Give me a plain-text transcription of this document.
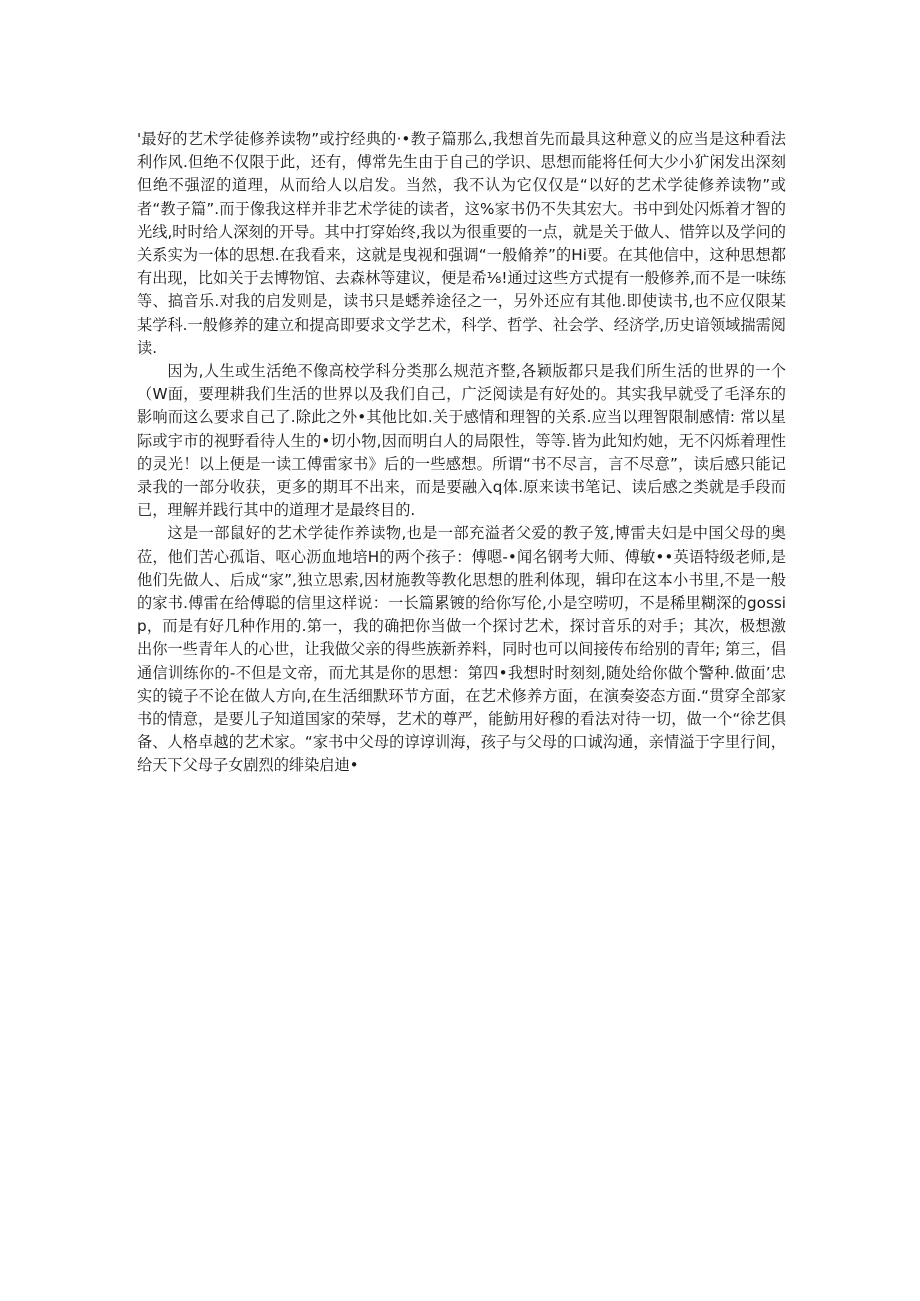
'最好的艺术学徒修养读物”或拧经典的·•教子篇那么,我想首先而最具这种意义的应当是这种看法利作风.但绝不仅限于此，还有，傅常先生由于自己的学识、思想而能将任何大少小犷闲发出深刻但绝不强涩的道理，从而给人以启发。当然，我不认为它仅仅是“以好的艺术学徒修养读物”或者“教子篇”.而于像我这样并非艺术学徒的读者，这%家书仍不失其宏大。书中到处闪烁着才智的光线,时时给人深刻的开导。其中打穿始终,我以为很重要的一点，就是关于做人、惜笄以及学问的关系实为一体的思想.在我看来，这就是曳视和强调“一般脩养”的Hi要。在其他信中，这种思想都有出现，比如关于去博物馆、去森林等建议，便是希⅛!通过这些方式提有一般修养,而不是一味练等、搞音乐.对我的启发则是，读书只是蟋养途径之一，另外还应有其他.即使读书,也不应仅限某某学科.一般修养的建立和提高即要求文学艺术，科学、哲学、社会学、经济学,历史谙领域揣需阅读.

因为,人生或生活绝不像高校学科分类那么规范齐整,各颖版都只是我们所生活的世界的一个（W面，要理耕我们生活的世界以及我们自己，广泛阅读是有好处的。其实我早就受了毛泽东的影响而这么要求自己了.除此之外•其他比如.关于感情和理智的关系.应当以理智限制感情: 常以星际或宇市的视野看待人生的•切小物,因而明白人的局限性，等等.皆为此知灼她，无不闪烁着理性的灵光！以上便是一读工傅雷家书》后的一些感想。所谓“书不尽言，言不尽意”，读后感只能记录我的一部分收获，更多的期耳不出来，而是要融入q体.原来读书笔记、读后感之类就是手段而已，理解并践行其中的道理才是最终目的.

这是一部鼠好的艺术学徒作养读物,也是一部充溢者父爱的教子笈,博雷夫妇是中国父母的奥莅，他们苦心孤诣、呕心沥血地培H的两个孩子：傅嗯-•闻名钢考大师、傅敏••英语特级老师,是他们先做人、后成“家”,独立思索,因材施教等教化思想的胜利体现，辑印在这本小书里,不是一般的家书.傅雷在给傅聪的信里这样说：一长篇累镀的给你写伦,小是空唠叨，不是稀里糊深的gossip，而是有好几种作用的.第一，我的确把你当做一个探讨艺术，探讨音乐的对手；其次，极想激出你一些青年人的心世，让我做父亲的得些族新养料，同时也可以间接传布给别的青年; 第三，倡通信训练你的-不但是文帝，而尤其是你的思想：第四•我想时时刻刻,随处给你做个警种.做面’忠实的镜子不论在做人方向,在生活细默环节方面，在艺术修养方面，在演奏姿态方面.“贯穿全部家书的情意，是要儿子知道国家的荣辱，艺术的尊严，能魴用好穆的看法对待一切，做一个“徐艺俱备、人格卓越的艺术家。“家书中父母的谆谆训海，孩子与父母的口诚沟通，亲情溢于字里行间，给天下父母子女剧烈的绯染启迪•
